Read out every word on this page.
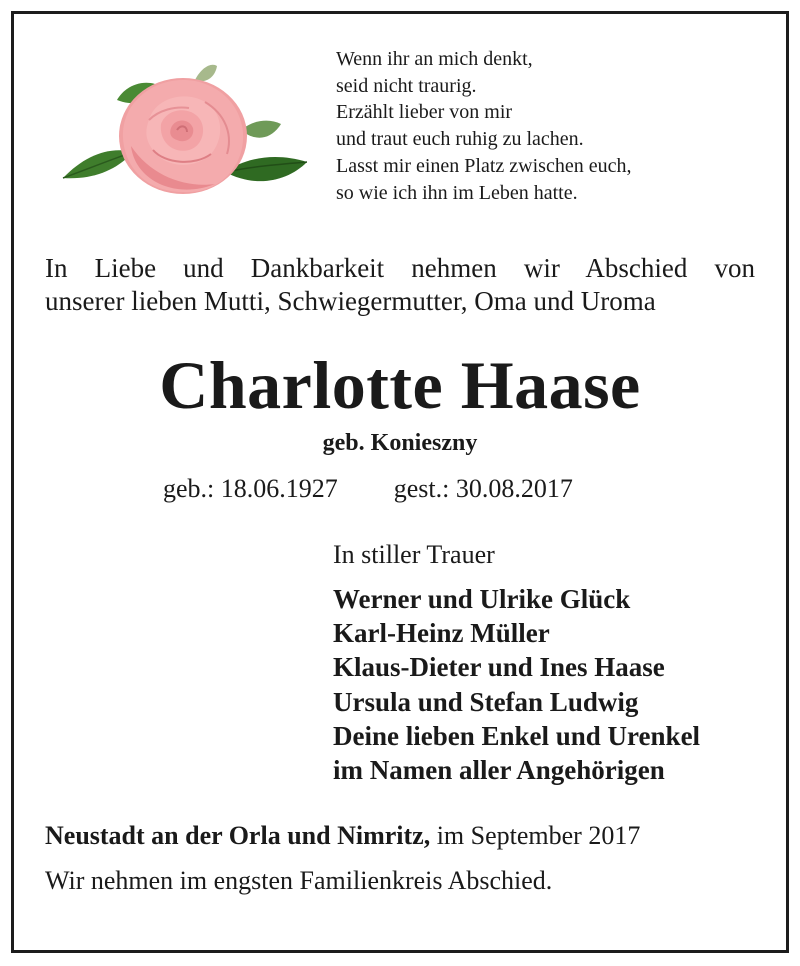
Wenn ihr an mich denkt,
seid nicht traurig.
Erzählt lieber von mir
und traut euch ruhig zu lachen.
Lasst mir einen Platz zwischen euch,
so wie ich ihn im Leben hatte.
In Liebe und Dankbarkeit nehmen wir Abschied von
unserer lieben Mutti, Schwiegermutter, Oma und Uroma
Charlotte Haase
geb. Konieszny
geb.: 18.06.1927 gest.: 30.08.2017
In stiller Trauer
Werner und Ulrike Glück
Karl-Heinz Müller
Klaus-Dieter und Ines Haase
Ursula und Stefan Ludwig
Deine lieben Enkel und Urenkel
im Namen aller Angehörigen
Neustadt an der Orla und Nimritz, im September 2017
Wir nehmen im engsten Familienkreis Abschied.
